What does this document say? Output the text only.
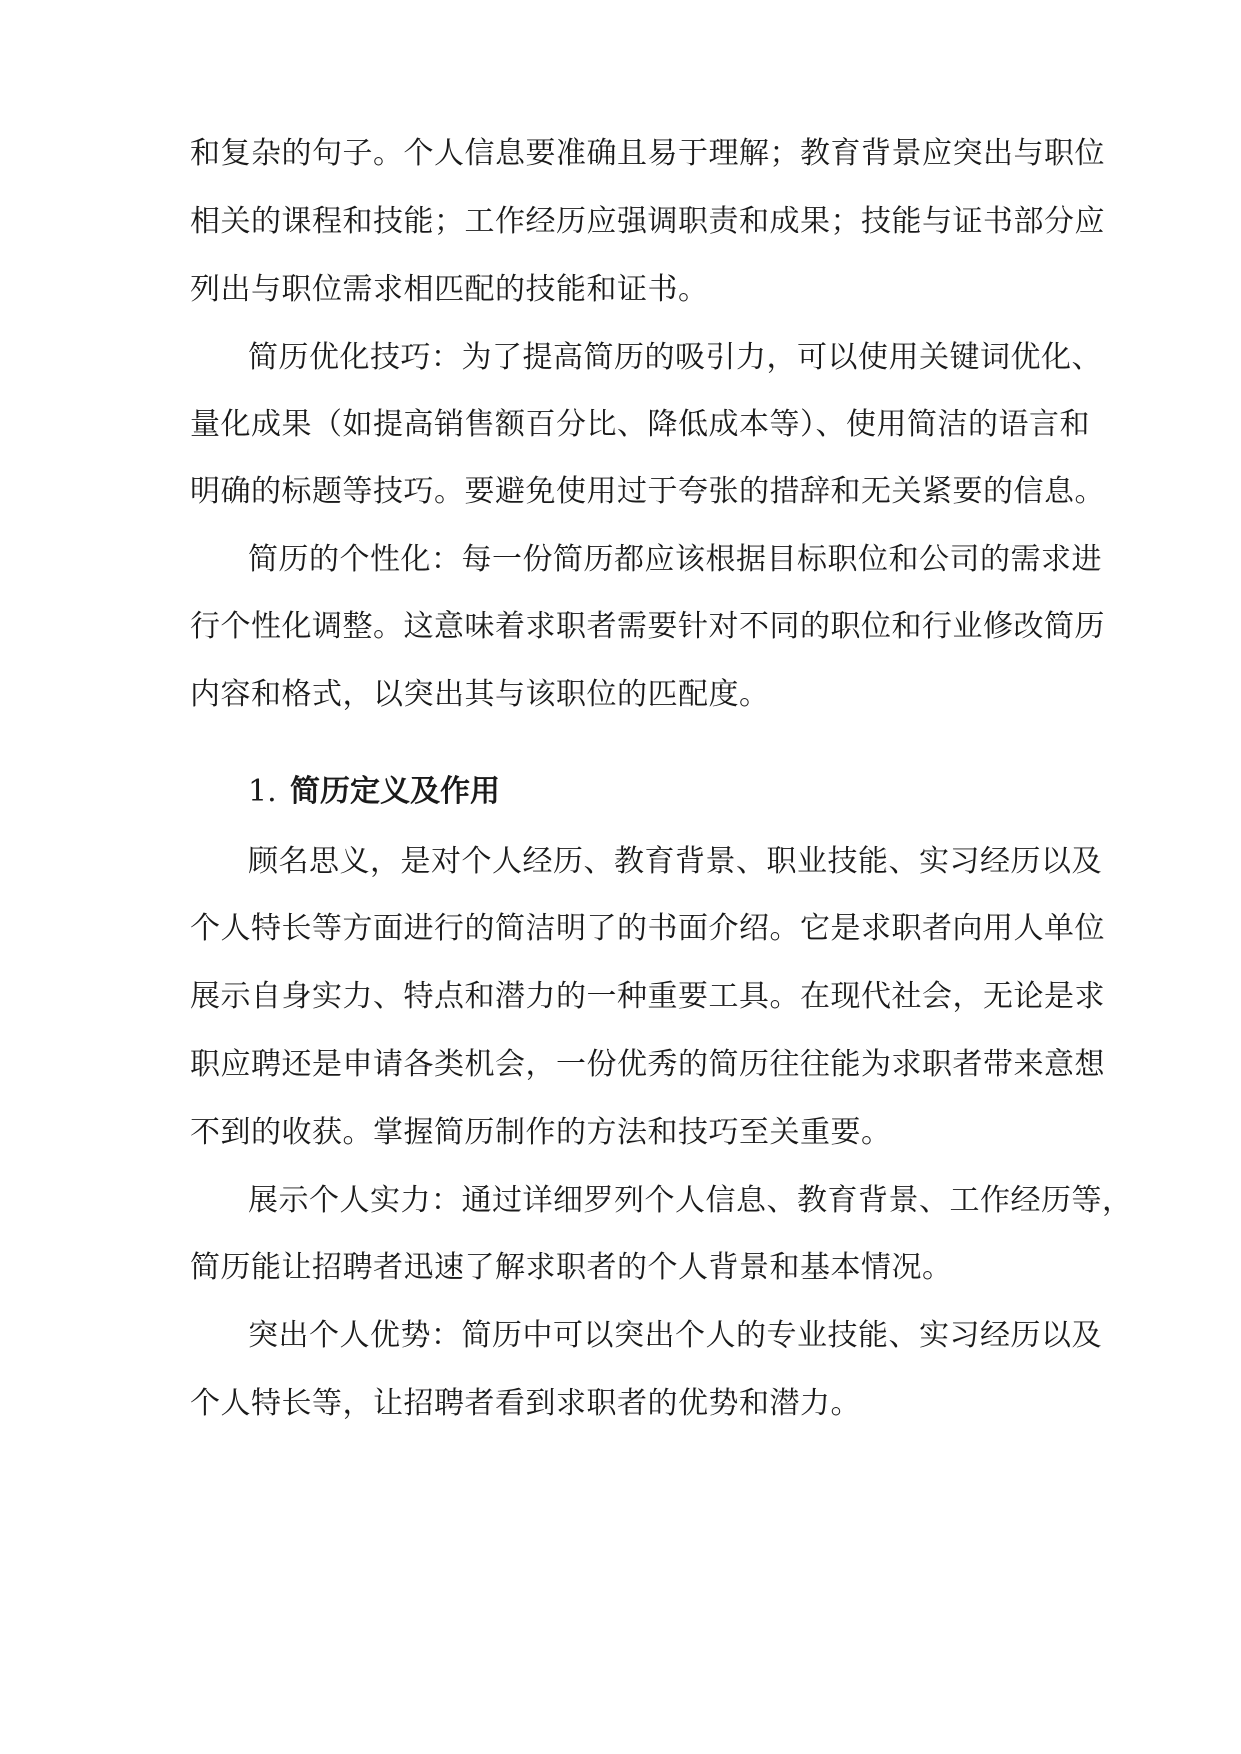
和复杂的句子。个人信息要准确且易于理解；教育背景应突出与职位
相关的课程和技能；工作经历应强调职责和成果；技能与证书部分应
列出与职位需求相匹配的技能和证书。
简历优化技巧：为了提高简历的吸引力，可以使用关键词优化、
量化成果（如提高销售额百分比、降低成本等）、使用简洁的语言和
明确的标题等技巧。要避免使用过于夸张的措辞和无关紧要的信息。
简历的个性化：每一份简历都应该根据目标职位和公司的需求进
行个性化调整。这意味着求职者需要针对不同的职位和行业修改简历
内容和格式，以突出其与该职位的匹配度。
1. 简历定义及作用
顾名思义，是对个人经历、教育背景、职业技能、实习经历以及
个人特长等方面进行的简洁明了的书面介绍。它是求职者向用人单位
展示自身实力、特点和潜力的一种重要工具。在现代社会，无论是求
职应聘还是申请各类机会，一份优秀的简历往往能为求职者带来意想
不到的收获。掌握简历制作的方法和技巧至关重要。
展示个人实力：通过详细罗列个人信息、教育背景、工作经历等，
简历能让招聘者迅速了解求职者的个人背景和基本情况。
突出个人优势：简历中可以突出个人的专业技能、实习经历以及
个人特长等，让招聘者看到求职者的优势和潜力。
